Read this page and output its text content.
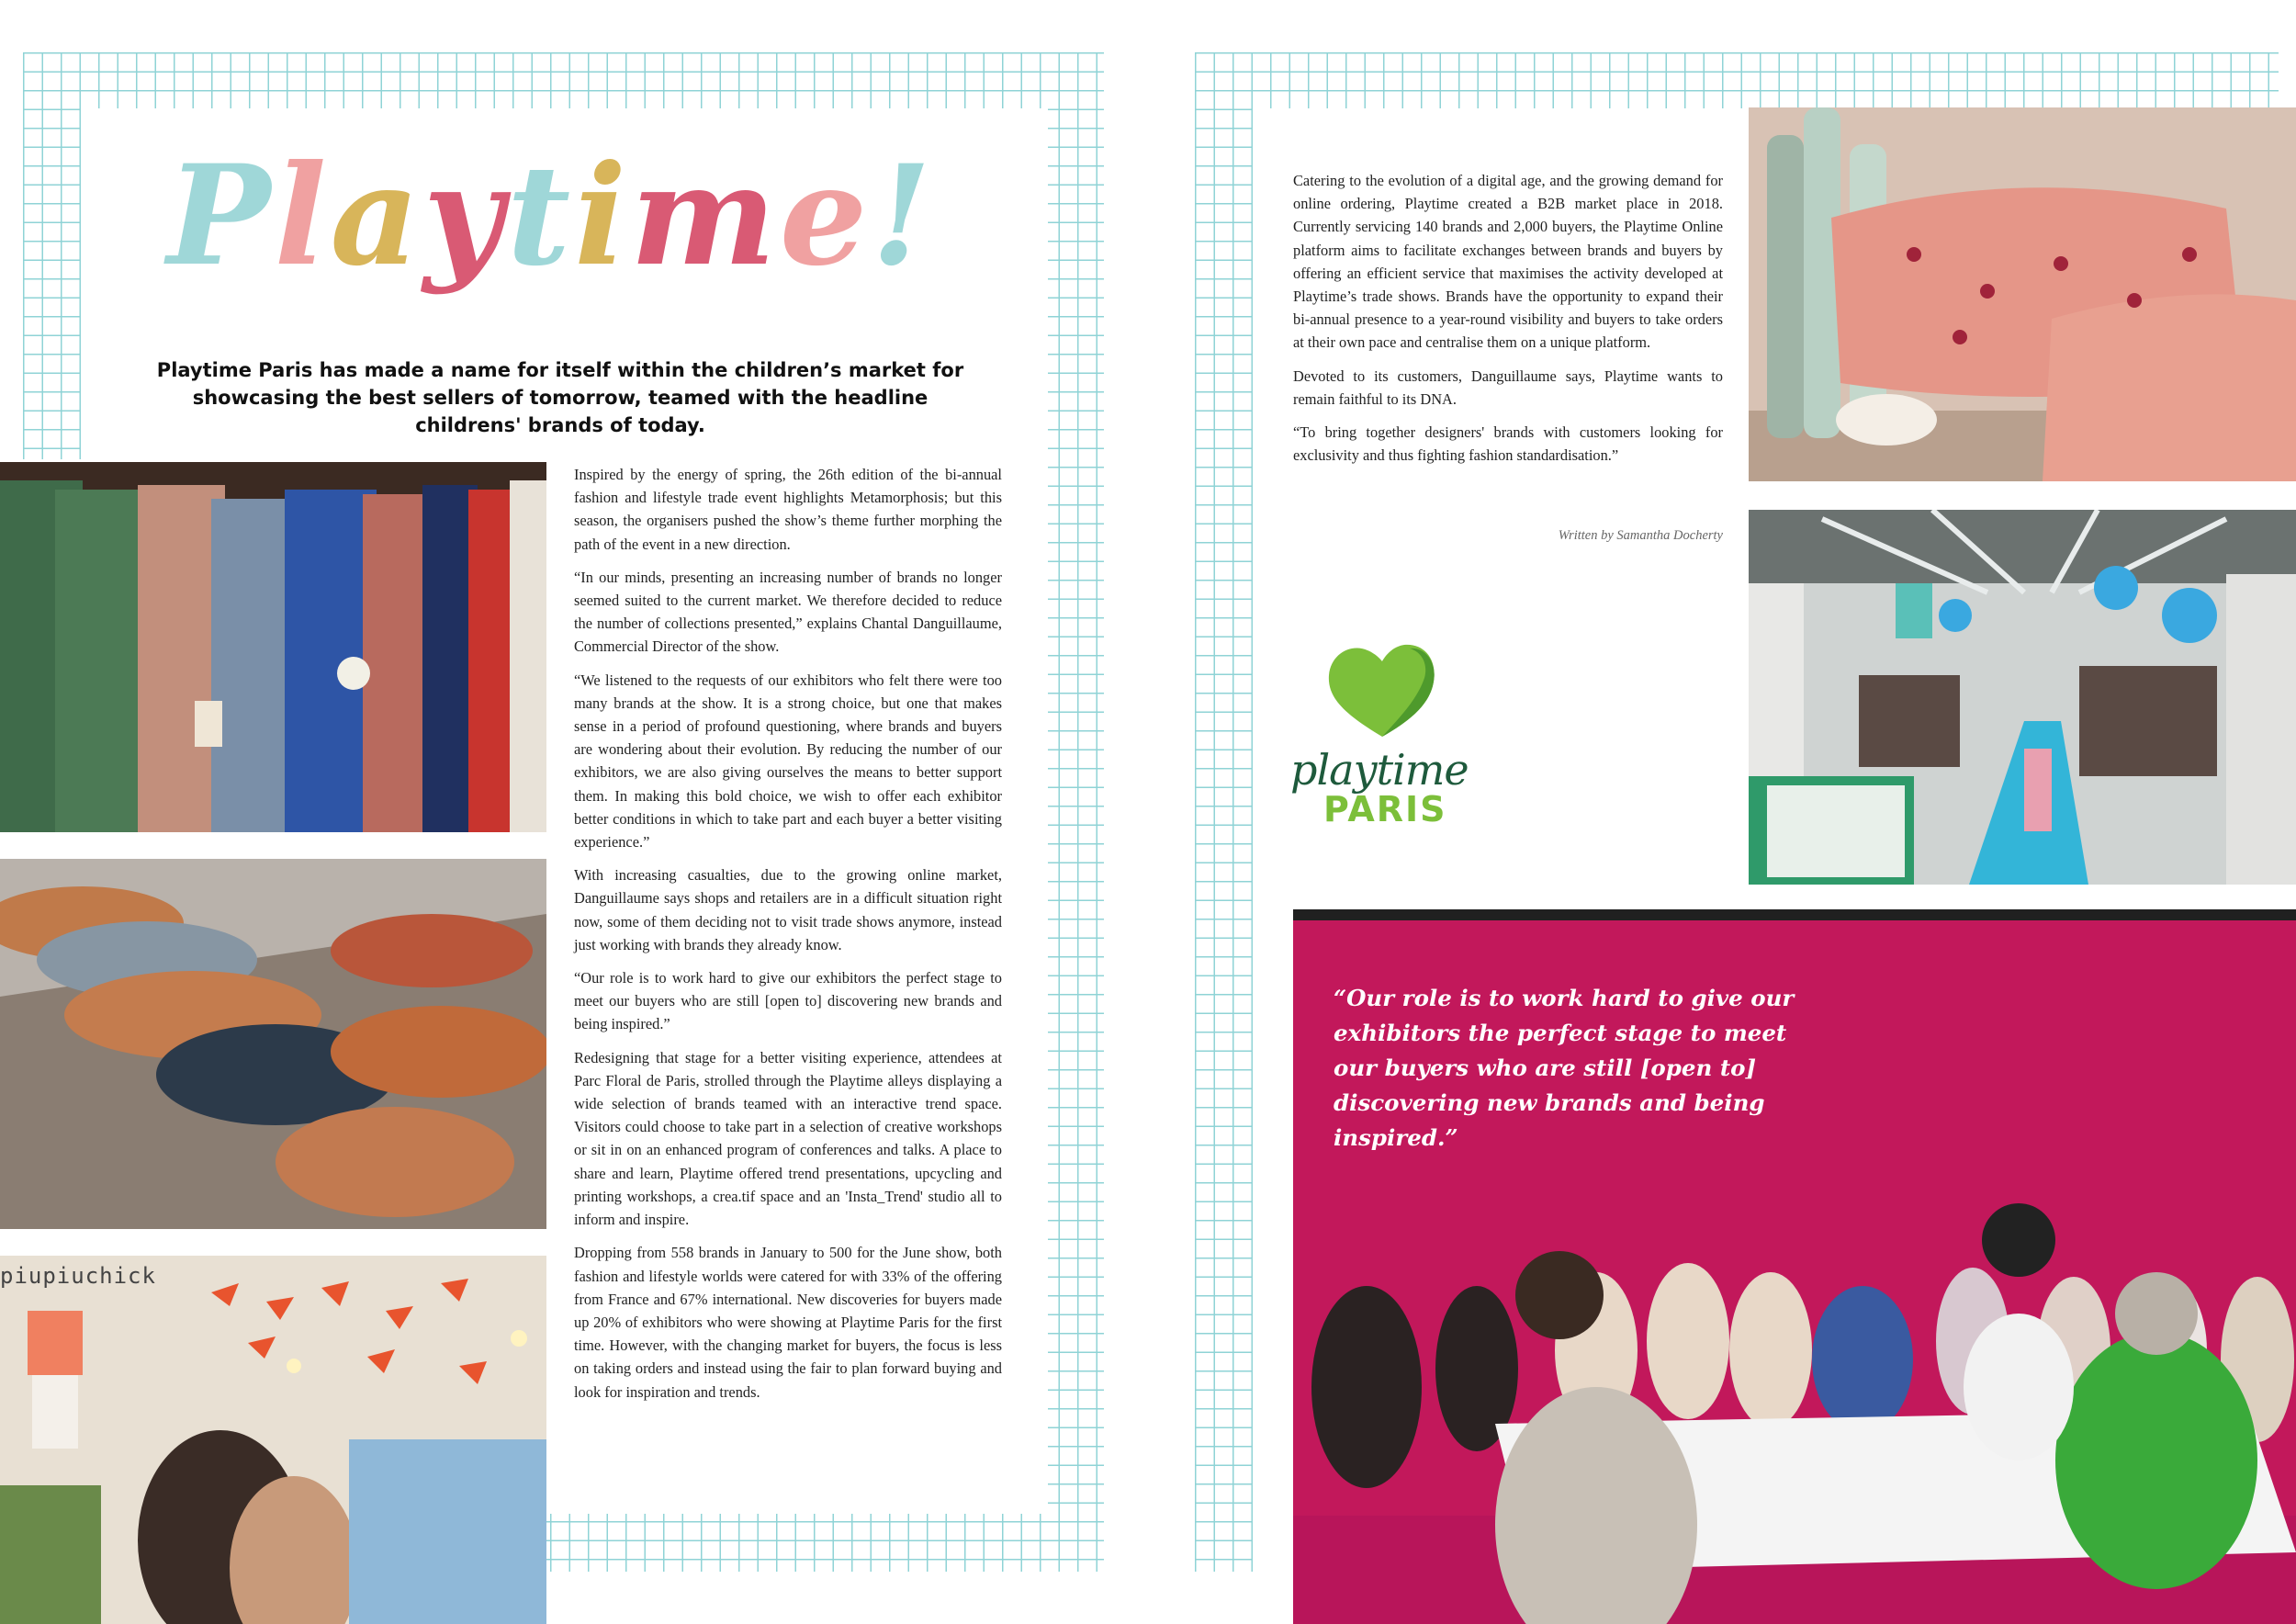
Playtime!
Playtime Paris has made a name for itself within the children’s market for showcasing the best sellers of tomorrow, teamed with the headline childrens' brands of today.
piupiuchick

Inspired by the energy of spring, the 26th edition of the bi-annual fashion and lifestyle trade event highlights Metamorphosis; but this season, the organisers pushed the show’s theme further morphing the path of the event in a new direction.

“In our minds, presenting an increasing number of brands no longer seemed suited to the current market. We therefore decided to reduce the number of collections presented,” explains Chantal Danguillaume, Commercial Director of the show.

“We listened to the requests of our exhibitors who felt there were too many brands at the show. It is a strong choice, but one that makes sense in a period of profound questioning, where brands and buyers are wondering about their evolution. By reducing the number of our exhibitors, we are also giving ourselves the means to better support them. In making this bold choice, we wish to offer each exhibitor better conditions in which to take part and each buyer a better visiting experience.”

With increasing casualties, due to the growing online market, Danguillaume says shops and retailers are in a difficult situation right now, some of them deciding not to visit trade shows anymore, instead just working with brands they already know.

“Our role is to work hard to give our exhibitors the perfect stage to meet our buyers who are still [open to] discovering new brands and being inspired.”

Redesigning that stage for a better visiting experience, attendees at Parc Floral de Paris, strolled through the Playtime alleys displaying a wide selection of brands teamed with an interactive trend space. Visitors could choose to take part in a selection of creative workshops or sit in on an enhanced program of conferences and talks. A place to share and learn, Playtime offered trend presentations, upcycling and printing workshops, a crea.tif space and an 'Insta_Trend' studio all to inform and inspire.

Dropping from 558 brands in January to 500 for the June show, both fashion and lifestyle worlds were catered for with 33% of the offering from France and 67% international. New discoveries for buyers made up 20% of exhibitors who were showing at Playtime Paris for the first time. However, with the changing market for buyers, the focus is less on taking orders and instead using the fair to plan forward buying and look for inspiration and trends.

Catering to the evolution of a digital age, and the growing demand for online ordering, Playtime created a B2B market place in 2018. Currently servicing 140 brands and 2,000 buyers, the Playtime Online platform aims to facilitate exchanges between brands and buyers by offering an efficient service that maximises the activity developed at Playtime’s trade shows. Brands have the opportunity to expand their bi-annual presence to a year-round visibility and buyers to take orders at their own pace and centralise them on a unique platform.

Devoted to its customers, Danguillaume says, Playtime wants to remain faithful to its DNA.

“To bring together designers' brands with customers looking for exclusivity and thus fighting fashion standardisation.”

Written by Samantha Docherty
playtime
PARIS
“Our role is to work hard to give our exhibitors the perfect stage to meet our buyers who are still [open to] discovering new brands and being inspired.”
